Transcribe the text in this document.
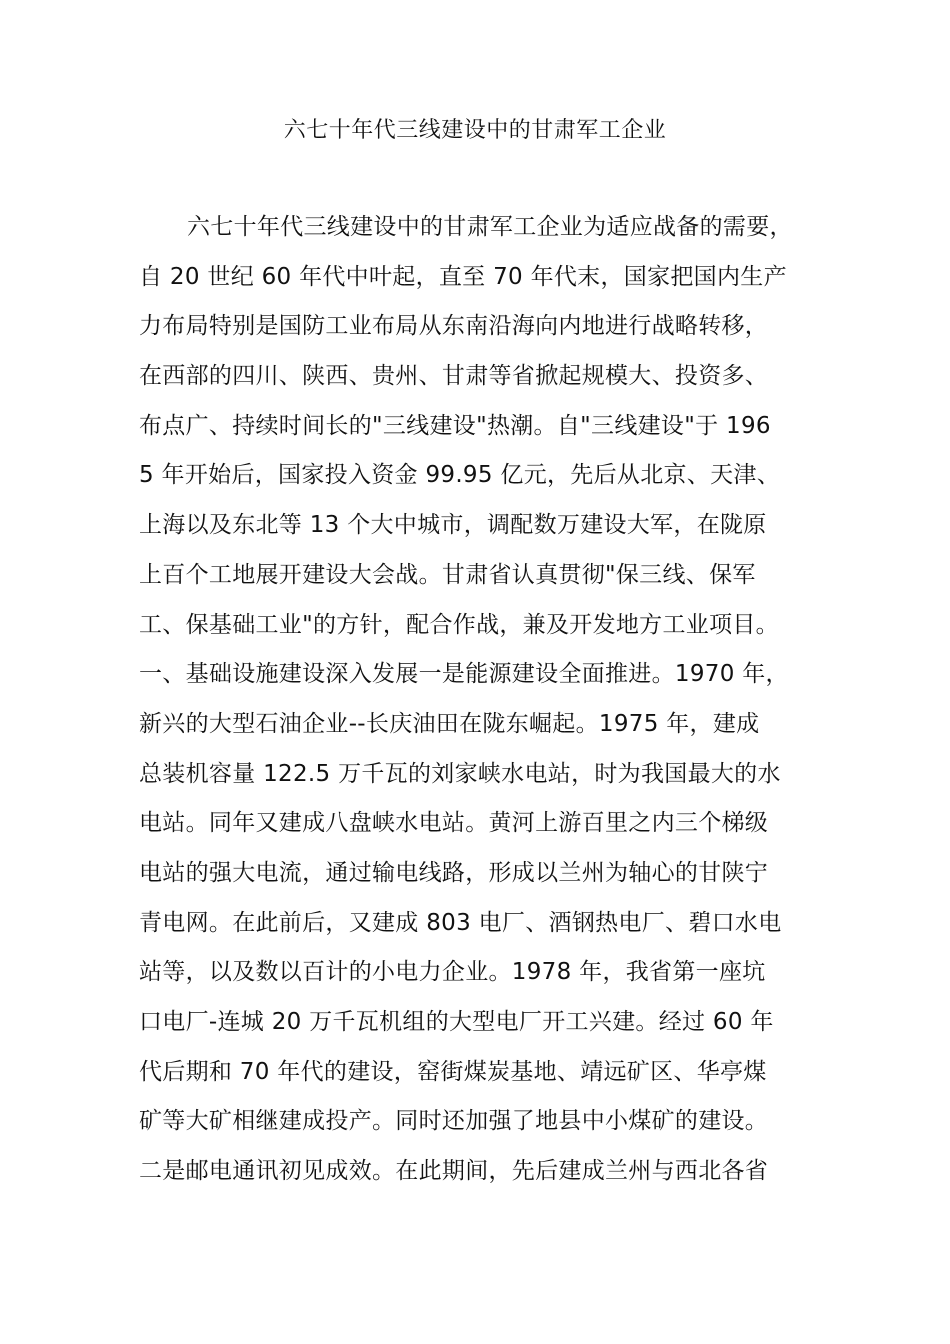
六七十年代三线建设中的甘肃军工企业
六七十年代三线建设中的甘肃军工企业为适应战备的需要，
自 20 世纪 60 年代中叶起，直至 70 年代末，国家把国内生产
力布局特别是国防工业布局从东南沿海向内地进行战略转移，
在西部的四川、陕西、贵州、甘肃等省掀起规模大、投资多、
布点广、持续时间长的"三线建设"热潮。自"三线建设"于 196
5 年开始后，国家投入资金 99.95 亿元，先后从北京、天津、
上海以及东北等 13 个大中城市，调配数万建设大军，在陇原
上百个工地展开建设大会战。甘肃省认真贯彻"保三线、保军
工、保基础工业"的方针，配合作战，兼及开发地方工业项目。
一、基础设施建设深入发展一是能源建设全面推进。1970 年，
新兴的大型石油企业--长庆油田在陇东崛起。1975 年，建成
总装机容量 122.5 万千瓦的刘家峡水电站，时为我国最大的水
电站。同年又建成八盘峡水电站。黄河上游百里之内三个梯级
电站的强大电流，通过输电线路，形成以兰州为轴心的甘陕宁
青电网。在此前后，又建成 803 电厂、酒钢热电厂、碧口水电
站等，以及数以百计的小电力企业。1978 年，我省第一座坑
口电厂-连城 20 万千瓦机组的大型电厂开工兴建。经过 60 年
代后期和 70 年代的建设，窑街煤炭基地、靖远矿区、华亭煤
矿等大矿相继建成投产。同时还加强了地县中小煤矿的建设。
二是邮电通讯初见成效。在此期间，先后建成兰州与西北各省
